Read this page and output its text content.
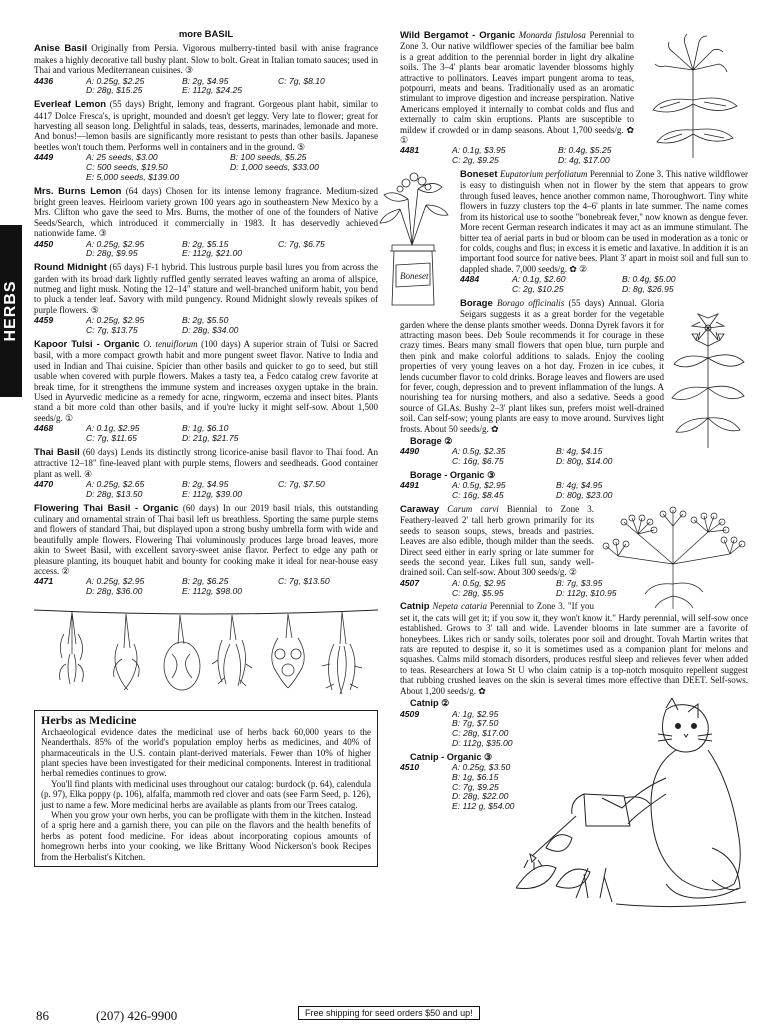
HERBS
more BASIL

Anise Basil Originally from Persia. Vigorous mulberry-tinted basil with anise fragrance makes a highly decorative tall bushy plant. Slow to bolt. Great in Italian tomato sauces; used in Thai and various Mediterranean cuisines. ③

4436	A: 0.25g, $2.25	B: 2g, $4.95	C: 7g, $8.10
D: 28g, $15.25	E: 112g, $24.25

Everleaf Lemon (55 days) Bright, lemony and fragrant. Gorgeous plant habit, similar to 4417 Dolce Fresca's, is upright, mounded and doesn't get leggy. Very late to flower; great for harvesting all season long. Delightful in salads, teas, desserts, marinades, lemonade and more. And bonus!—lemon basils are significantly more resistant to pests than other basils. Japanese beetles won't touch them. Performs well in containers and in the ground. ⑤

4449	A: 25 seeds, $3.00	B: 100 seeds, $5.25
C: 500 seeds, $19.50	D: 1,000 seeds, $33.00
E: 5,000 seeds, $139.00

Mrs. Burns Lemon (64 days) Chosen for its intense lemony fragrance. Medium-sized bright green leaves. Heirloom variety grown 100 years ago in southeastern New Mexico by a Mrs. Clifton who gave the seed to Mrs. Burns, the mother of one of the founders of Native Seeds/Search, which introduced it commercially in 1983. It has deservedly achieved nationwide fame. ③

4450	A: 0.25g, $2.95	B: 2g, $5.15	C: 7g, $6.75
D: 28g, $9.95	E: 112g, $21.00

Round Midnight (65 days) F-1 hybrid. This lustrous purple basil lures you from across the garden with its broad dark lightly ruffled gently serrated leaves wafting an aroma of allspice, nutmeg and light musk. Noting the 12–14" stature and well-branched uniform habit, you bend to pluck a tender leaf. Savory with mild pungency. Round Midnight slowly reveals spikes of purple flowers. ⑤

4459	A: 0.25g, $2.95	B: 2g, $5.50
C: 7g, $13.75	D: 28g, $34.00

Kapoor Tulsi - Organic O. tenuiflorum (100 days) A superior strain of Tulsi or Sacred basil, with a more compact growth habit and more pungent sweet flavor. Native to India and used in Indian and Thai cuisine. Spicier than other basils and quicker to go to seed, but still usable when covered with purple flowers. Makes a tasty tea, a Fedco catalog crew favorite at break time, for it strengthens the immune system and increases oxygen uptake in the brain. Used in Ayurvedic medicine as a remedy for acne, ringworm, eczema and insect bites. Plants stand a bit more cold than other basils, and if you're lucky it might self-sow. About 1,500 seeds/g. ①

4468	A: 0.1g, $2.95	B: 1g, $6.10
C: 7g, $11.65	D: 21g, $21.75

Thai Basil (60 days) Lends its distinctly strong licorice-anise basil flavor to Thai food. An attractive 12–18" fine-leaved plant with purple stems, flowers and seedheads. Good container plant as well. ④

4470	A: 0.25g, $2.65	B: 2g, $4.95	C: 7g, $7.50
D: 28g, $13.50	E: 112g, $39.00

Flowering Thai Basil - Organic (60 days) In our 2019 basil trials, this outstanding culinary and ornamental strain of Thai basil left us breathless. Sporting the same purple stems and flowers of standard Thai, but displayed upon a strong bushy umbrella form with wide and beautifully ample flowers. Flowering Thai voluminously produces large broad leaves, more akin to Sweet Basil, with excellent savory-sweet anise flavor. Perfect to edge any path or pleasure planting, its bouquet habit and bounty for cooking make it ideal for near-house easy access. ②

4471	A: 0.25g, $2.95	B: 2g, $6.25	C: 7g, $13.50
D: 28g, $36.00	E: 112g, $98.00
Herbs as Medicine

Archaeological evidence dates the medicinal use of herbs back 60,000 years to the Neanderthals. 85% of the world's population employ herbs as medicines, and 40% of pharmaceuticals in the U.S. contain plant-derived materials. Fewer than 10% of higher plant species have been investigated for their medicinal components. Interest in traditional herbal remedies continues to grow.

You'll find plants with medicinal uses throughout our catalog: burdock (p. 64), calendula (p. 97), Elka poppy (p. 106), alfalfa, mammoth red clover and oats (see Farm Seed, p. 126), just to name a few. More medicinal herbs are available as plants from our Trees catalog.

When you grow your own herbs, you can be profligate with them in the kitchen. Instead of a sprig here and a garnish there, you can pile on the flavors and the health benefits of herbs as potent food medicine. For ideas about incorporating copious amounts of homegrown herbs into your cooking, we like Brittany Wood Nickerson's book Recipes from the Herbalist's Kitchen.

Wild Bergamot - Organic Monarda fistulosa Perennial to Zone 3. Our native wildflower species of the familiar bee balm is a great addition to the perennial border in light dry alkaline soils. The 3–4' plants bear aromatic lavender blossoms highly attractive to pollinators. Leaves impart pungent aroma to teas, potpourri, meats and beans. Traditionally used as an aromatic stimulant to improve digestion and increase perspiration. Native Americans employed it internally to combat colds and flus and externally to calm skin eruptions. Plants are susceptible to mildew if crowded or in damp seasons. About 1,700 seeds/g. ✿ ①

4481	A: 0.1g, $3.95	B: 0.4g, $5.25
C: 2g, $9.25	D: 4g, $17.00
Boneset

Boneset Eupatorium perfoliatum Perennial to Zone 3. This native wildflower is easy to distinguish when not in flower by the stem that appears to grow through fused leaves, hence another common name, Thoroughwort. Tiny white flowers in fuzzy clusters top the 4–6' plants in late summer. The name comes from its historical use to soothe "bonebreak fever," now known as dengue fever. More recent German research indicates it may act as an immune stimulant. The bitter tea of aerial parts in bud or bloom can be used in moderation as a tonic or for colds, coughs and flus; in excess it is emetic and laxative. In addition it is an important food source for native bees. Plant 3' apart in moist soil and full sun to dappled shade. 7,000 seeds/g. ✿ ②

4484	A: 0.1g, $2.60	B: 0.4g, $5.00
C: 2g, $10.25	D: 8g, $26.95

Borage Borago officinalis (55 days) Annual. Gloria Seigars suggests it as a great border for the vegetable garden where the dense plants smother weeds. Donna Dyrek favors it for attracting mason bees. Deb Soule recommends it for courage in these crazy times. Bears many small flowers that open blue, turn purple and then pink and make colorful additions to salads. Enjoy the cooling properties of very young leaves on a hot day. Frozen in ice cubes, it lends cucumber flavor to cold drinks. Borage leaves and flowers are used for fever, cough, depression and to prevent inflammation of the lungs. A nourishing tea for nursing mothers, and also a sedative. Seeds a good source of GLAs. Bushy 2–3' plant likes sun, prefers moist well-drained soil. Can self-sow; young plants are easy to move around. Survives light frosts. About 50 seeds/g. ✿

Borage ②
4490	A: 0.5g, $2.35	B: 4g, $4.15
C: 16g, $6.75	D: 80g, $14.00
Borage - Organic ③
4491	A: 0.5g, $2.95	B: 4g, $4.95
C: 16g, $8.45	D: 80g, $23.00

Caraway Carum carvi Biennial to Zone 3. Feathery-leaved 2' tall herb grown primarily for its seeds to season soups, stews, breads and pastries. Leaves are also edible, though milder than the seeds. Direct seed either in early spring or late summer for seeds the second year. Likes full sun, sandy well-drained soil. Can self-sow. About 300 seeds/g. ②

4507	A: 0.5g, $2.95	B: 7g, $3.95
C: 28g, $5.95	D: 112g, $10.95

Catnip Nepeta cataria Perennial to Zone 3. "If you set it, the cats will get it; if you sow it, they won't know it." Hardy perennial, will self-sow once established. Grows to 3' tall and wide. Lavender blooms in late summer are a favorite of honeybees. Likes rich or sandy soils, tolerates poor soil and drought. Tovah Martin writes that rats are reputed to despise it, so it is sometimes used as a companion plant for melons and squashes. Calms mild stomach disorders, produces restful sleep and relieves fever when added to teas. Researchers at Iowa St U who claim catnip is a top-notch mosquito repellent suggest that rubbing crushed leaves on the skin is several times more effective than DEET. Self-sows. About 1,200 seeds/g. ✿

Catnip ②
4509	A: 1g, $2.95
B: 7g, $7.50
C: 28g, $17.00
D: 112g, $35.00
Catnip - Organic ③
4510	A: 0.25g, $3.50
B: 1g, $6.15
C: 7g, $9.25
D: 28g, $22.00
E: 112 g, $54.00
86	(207) 426-9900	Free shipping for seed orders $50 and up!
